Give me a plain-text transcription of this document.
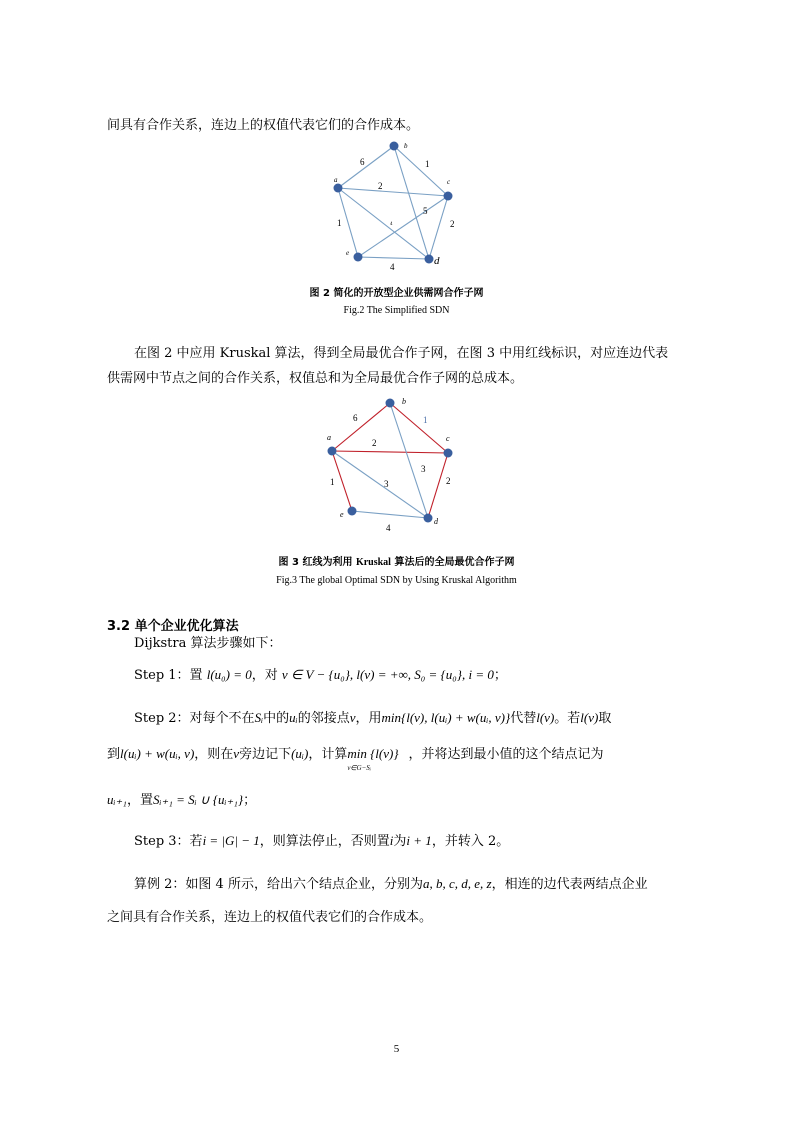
间具有合作关系，连边上的权值代表它们的合作成本。
a
b
c
d
e
6	1
2
5
1
4
2
4
图 2 简化的开放型企业供需网合作子网
Fig.2 The Simplified SDN
在图 2 中应用 Kruskal 算法，得到全局最优合作子网，在图 3 中用红线标识，对应连边代表
供需网中节点之间的合作关系，权值总和为全局最优合作子网的总成本。
a
b
c
d
e
6	1
2
3
3
1	2
4
图 3 红线为利用 Kruskal 算法后的全局最优合作子网
Fig.3 The global Optimal SDN by Using Kruskal Algorithm
3.2 单个企业优化算法
Dijkstra 算法步骤如下：
Step 1：置 l(u₀) = 0，对 v ∈ V − {u₀}, l(v) = +∞, S₀ = {u₀}, i = 0；
Step 2：对每个不在Sᵢ中的uᵢ的邻接点v，用min{l(v), l(uᵢ) + w(uᵢ, v)}代替l(v)。若l(v)取
到l(uᵢ) + w(uᵢ, v)，则在v旁边记下(uᵢ)，计算min {l(v)}
v∈G−Sᵢ
，并将达到最小值的这个结点记为
uᵢ₊₁，置Sᵢ₊₁ = Sᵢ ∪ {uᵢ₊₁}；
Step 3：若i = |G| − 1，则算法停止，否则置i为i + 1，并转入 2。
算例 2：如图 4 所示，给出六个结点企业，分别为a, b, c, d, e, z，相连的边代表两结点企业
之间具有合作关系，连边上的权值代表它们的合作成本。
5
